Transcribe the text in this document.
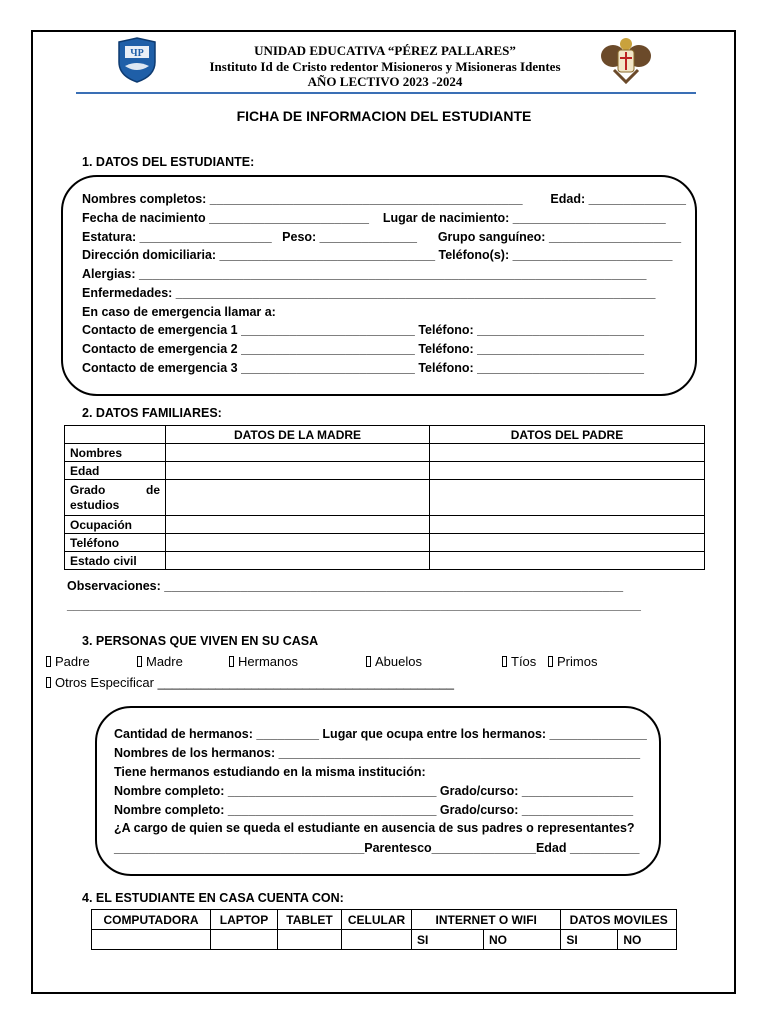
ЧP	UNIDAD EDUCATIVA “PÉREZ PALLARES”
Instituto Id de Cristo redentor Misioneros y Misioneras Identes
AÑO LECTIVO 2023 -2024
FICHA DE INFORMACION DEL ESTUDIANTE
1. DATOS DEL ESTUDIANTE:
Nombres completos: _____________________________________________        Edad: ______________
Fecha de nacimiento _______________________    Lugar de nacimiento: ______________________
Estatura: ___________________   Peso: ______________      Grupo sanguíneo: ___________________
Dirección domiciliaria: _______________________________ Teléfono(s): _______________________
Alergias: _________________________________________________________________________
Enfermedades: _____________________________________________________________________
En caso de emergencia llamar a:
Contacto de emergencia 1 _________________________ Teléfono: ________________________
Contacto de emergencia 2 _________________________ Teléfono: ________________________
Contacto de emergencia 3 _________________________ Teléfono: ________________________
2. DATOS FAMILIARES:
	DATOS DE LA MADRE	DATOS DEL PADRE
Nombres		
Edad		
Grado de estudios		
Ocupación		
Teléfono		
Estado civil		
Observaciones: __________________________________________________________________
______________________________________________________________________________________
3. PERSONAS QUE VIVEN EN SU CASA
Padre	Madre	Hermanos	Abuelos	Tíos	Primos
Otros Especificar _________________________________________
Cantidad de hermanos: _________ Lugar que ocupa entre los hermanos: ______________
Nombres de los hermanos: ____________________________________________________
Tiene hermanos estudiando en la misma institución:
Nombre completo: ______________________________ Grado/curso: ________________
Nombre completo: ______________________________ Grado/curso: ________________
¿A cargo de quien se queda el estudiante en ausencia de sus padres o representantes?
____________________________________Parentesco_______________Edad __________
4. EL ESTUDIANTE EN CASA CUENTA CON:
COMPUTADORA	LAPTOP	TABLET	CELULAR	INTERNET O WIFI		DATOS MOVILES	
				SI	NO	SI	NO
